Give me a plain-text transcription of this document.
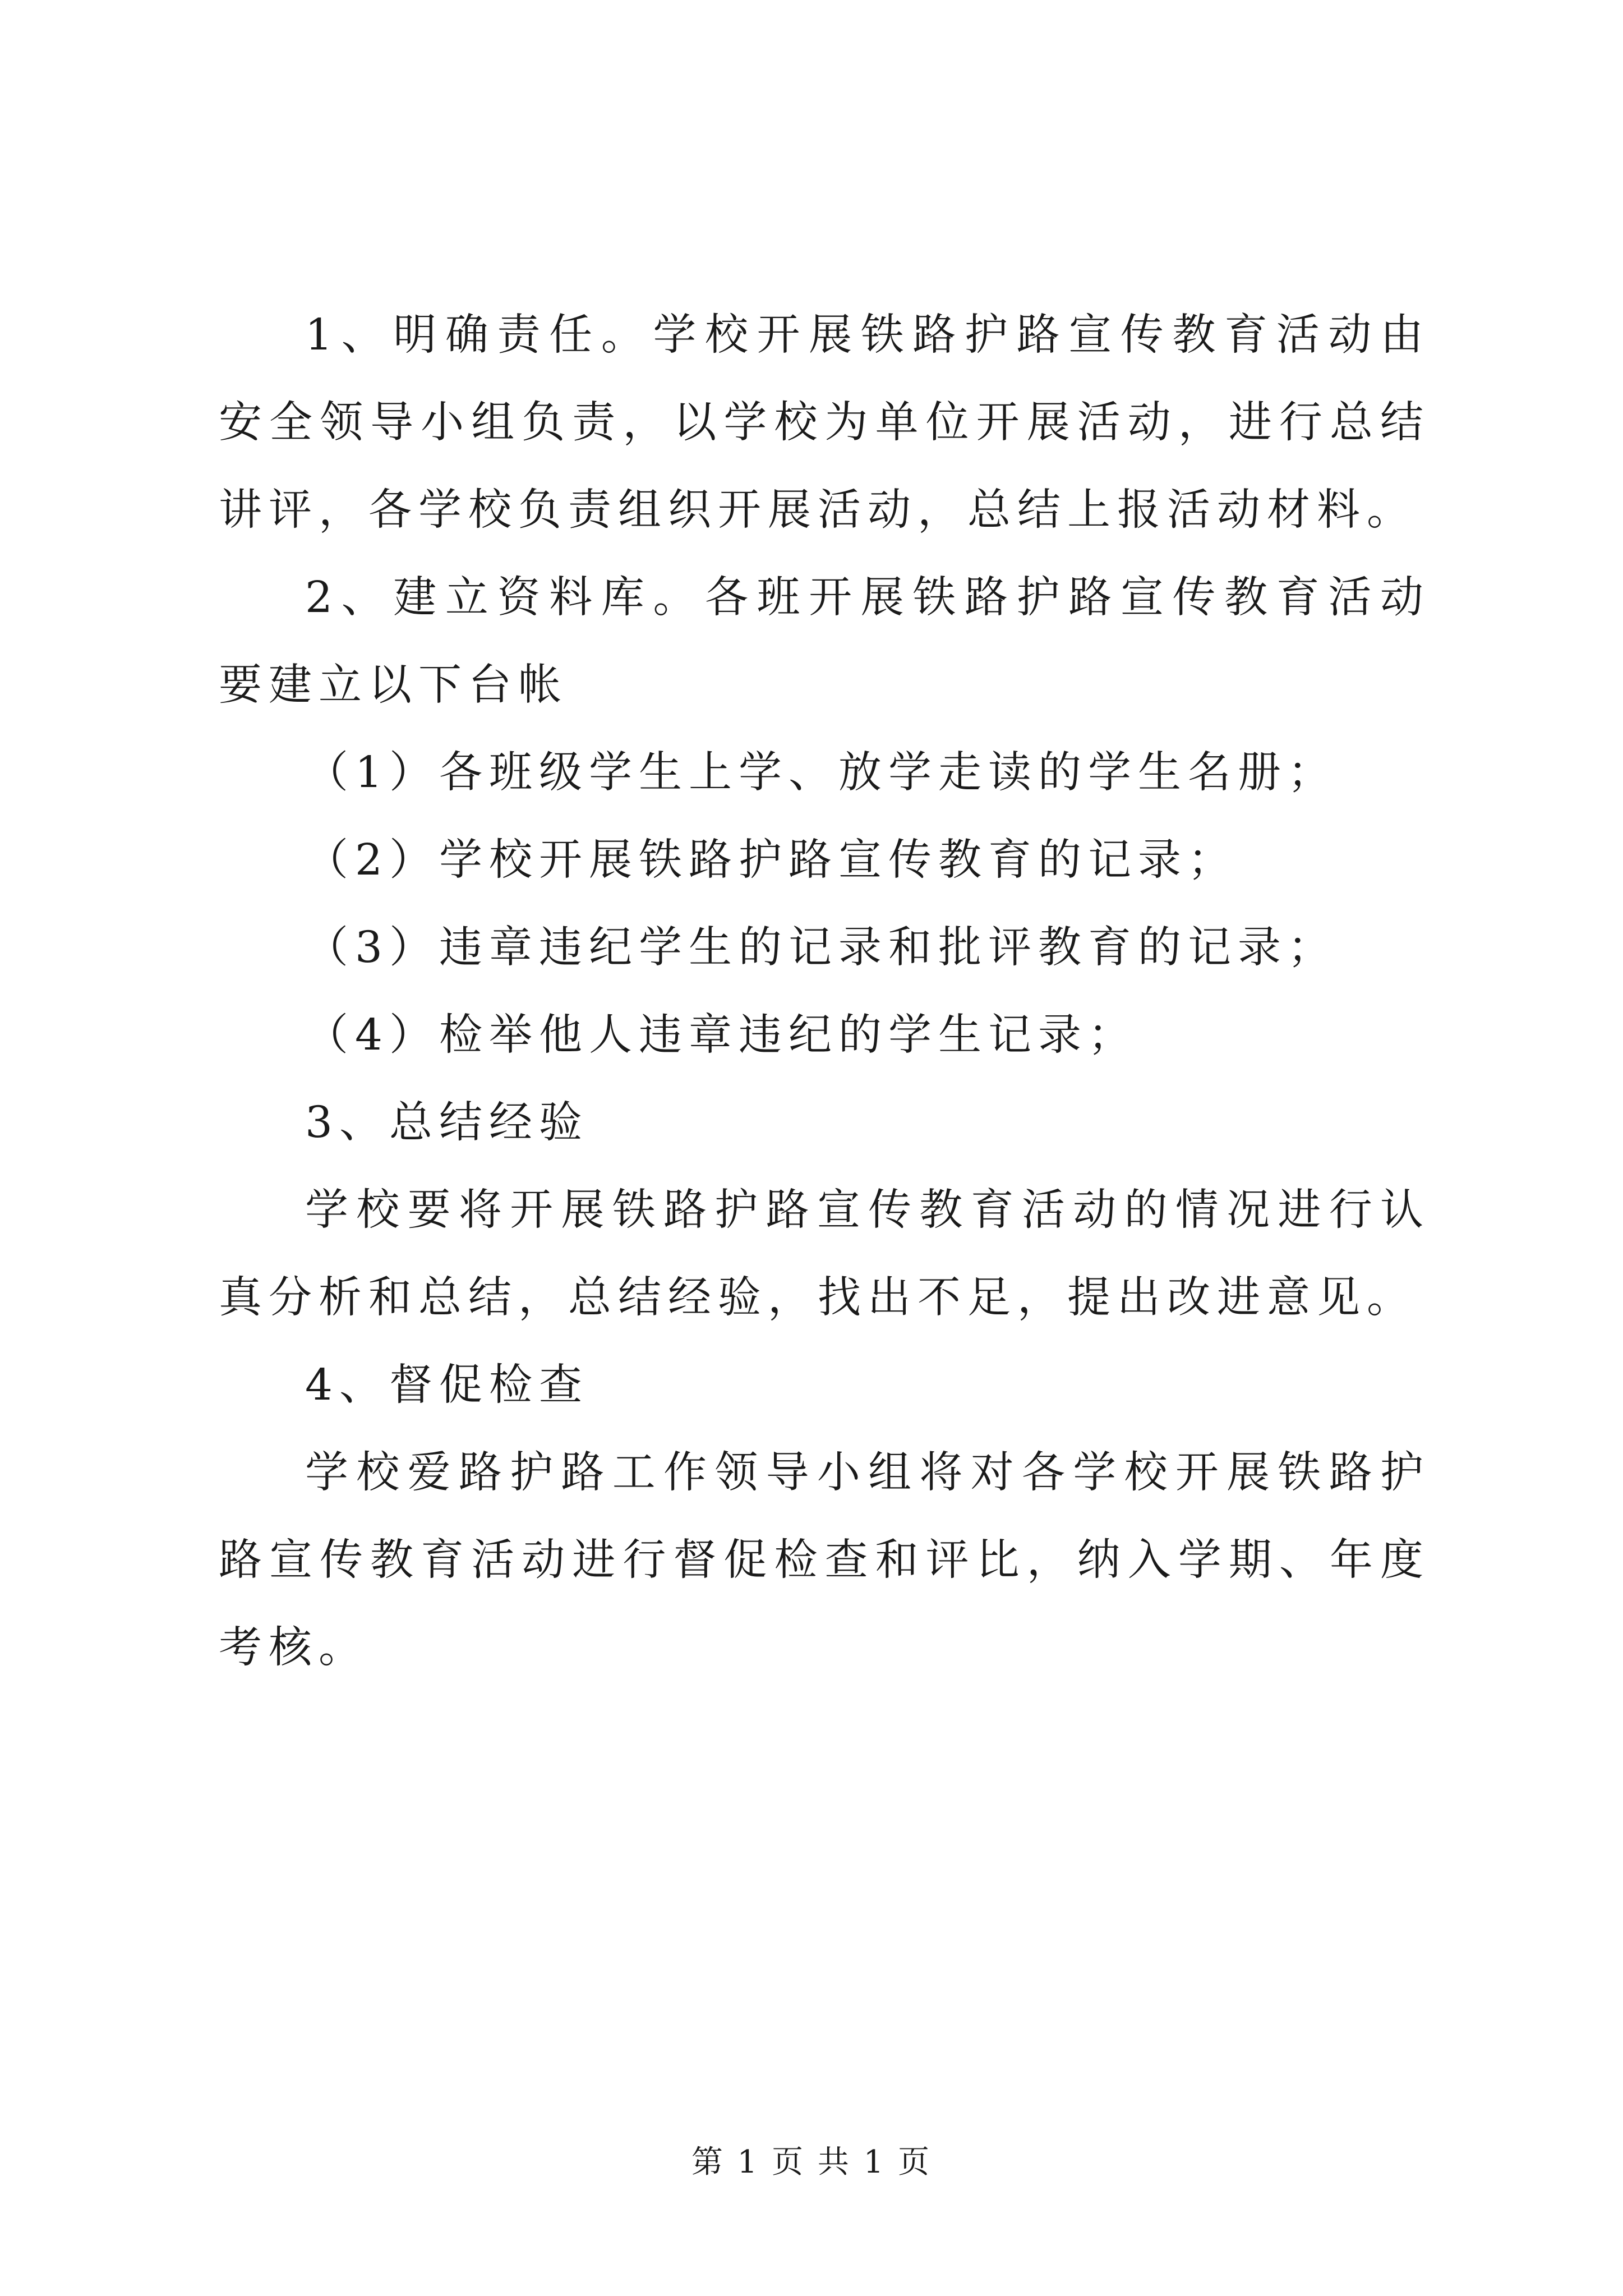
1、明确责任。学校开展铁路护路宣传教育活动由安全领导小组负责，以学校为单位开展活动，进行总结讲评，各学校负责组织开展活动，总结上报活动材料。

2、建立资料库。各班开展铁路护路宣传教育活动要建立以下台帐

（1）各班级学生上学、放学走读的学生名册；

（2）学校开展铁路护路宣传教育的记录；

（3）违章违纪学生的记录和批评教育的记录；

（4）检举他人违章违纪的学生记录；

3、总结经验

学校要将开展铁路护路宣传教育活动的情况进行认真分析和总结，总结经验，找出不足，提出改进意见。

4、督促检查

学校爱路护路工作领导小组将对各学校开展铁路护路宣传教育活动进行督促检查和评比，纳入学期、年度考核。

第 1 页 共 1 页
